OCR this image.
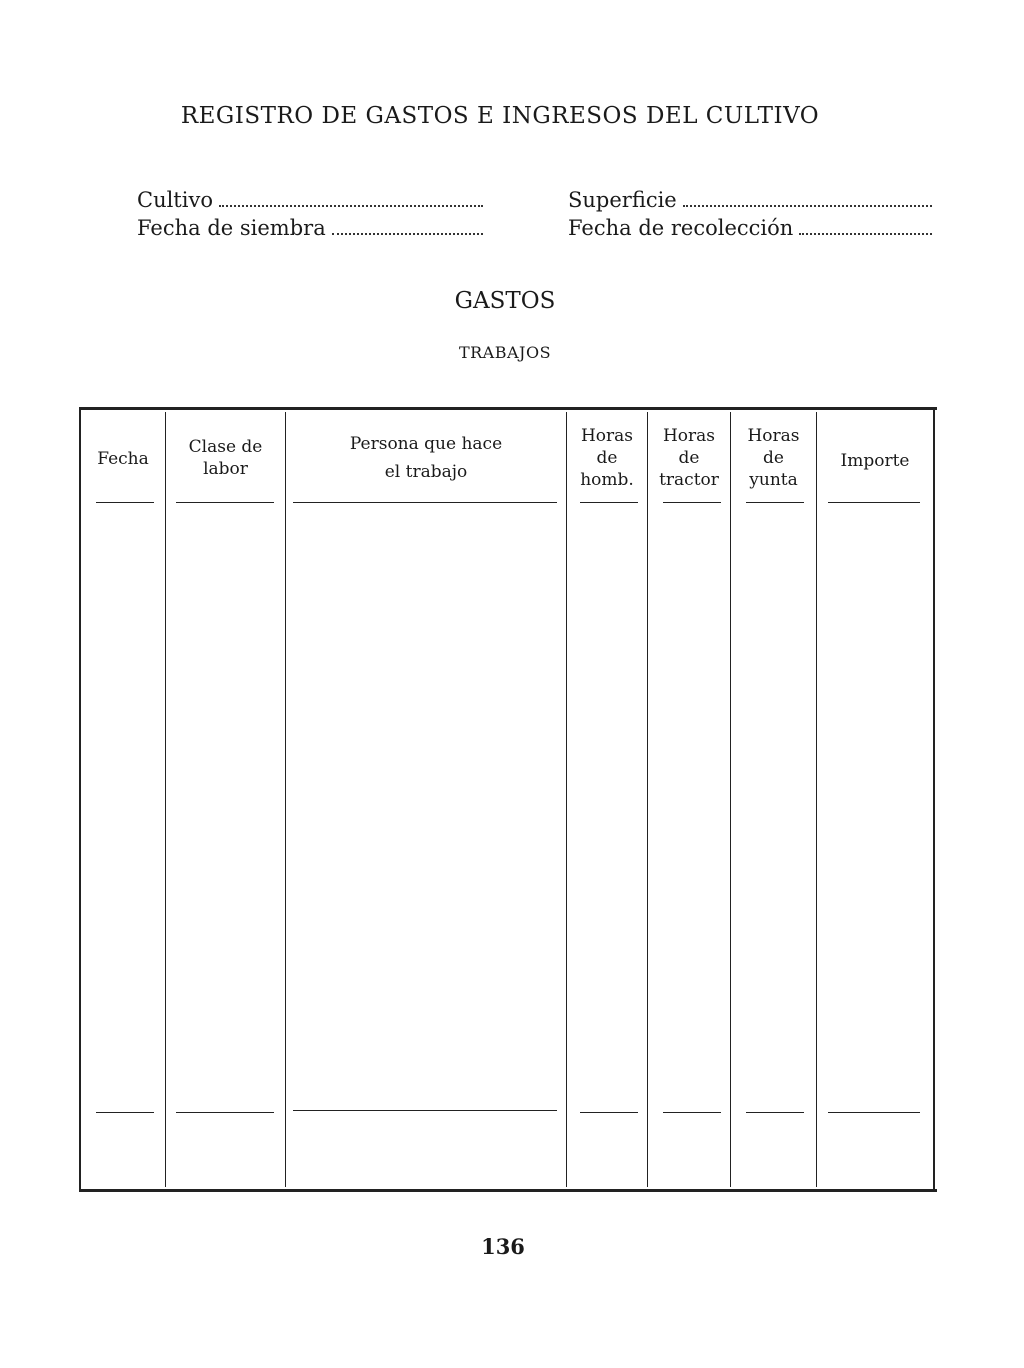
REGISTRO DE GASTOS E INGRESOS DEL CULTIVO
Cultivo	Superficie
Fecha de siembra	Fecha de recolección
GASTOS
TRABAJOS
Fecha
Clase de
labor
Persona que hace
el trabajo
Horas
de
homb.
Horas
de
tractor
Horas
de
yunta
Importe
136
